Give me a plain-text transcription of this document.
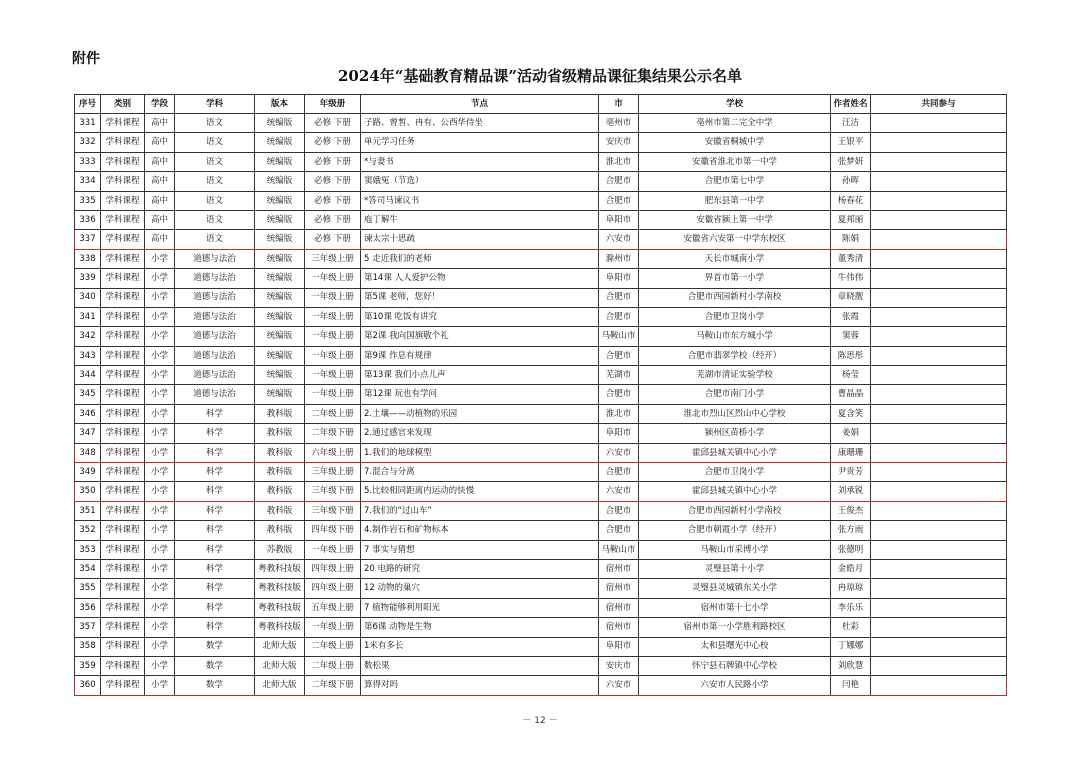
附件
2024年“基础教育精品课”活动省级精品课征集结果公示名单
序号	类别	学段	学科	版本	年级册	节点	市	学校	作者姓名	共同参与
331	学科课程	高中	语文	统编版	必修 下册	子路、曾皙、冉有、公西华侍坐	亳州市	亳州市第二完全中学	汪洁	
332	学科课程	高中	语文	统编版	必修 下册	单元学习任务	安庆市	安徽省桐城中学	王银平	
333	学科课程	高中	语文	统编版	必修 下册	*与妻书	淮北市	安徽省淮北市第一中学	张梦妍	
334	学科课程	高中	语文	统编版	必修 下册	窦娥冤（节选）	合肥市	合肥市第七中学	孙晖	
335	学科课程	高中	语文	统编版	必修 下册	*答司马谏议书	合肥市	肥东县第一中学	杨春花	
336	学科课程	高中	语文	统编版	必修 下册	庖丁解牛	阜阳市	安徽省颍上第一中学	夏邦丽	
337	学科课程	高中	语文	统编版	必修 下册	谏太宗十思疏	六安市	安徽省六安第一中学东校区	陈娟	
338	学科课程	小学	道德与法治	统编版	三年级上册	5 走近我们的老师	滁州市	天长市城南小学	董秀清	
339	学科课程	小学	道德与法治	统编版	一年级上册	第14课 人人爱护公物	阜阳市	界首市第一小学	牛伟伟	
340	学科课程	小学	道德与法治	统编版	一年级上册	第5课 老师，您好！	合肥市	合肥市西园新村小学南校	章晓靓	
341	学科课程	小学	道德与法治	统编版	一年级上册	第10课 吃饭有讲究	合肥市	合肥市卫岗小学	张霞	
342	学科课程	小学	道德与法治	统编版	一年级上册	第2课 我向国旗敬个礼	马鞍山市	马鞍山市东方城小学	窦蓉	
343	学科课程	小学	道德与法治	统编版	一年级上册	第9课 作息有规律	合肥市	合肥市翡翠学校（经开）	陈思彤	
344	学科课程	小学	道德与法治	统编版	一年级上册	第13课 我们小点儿声	芜湖市	芜湖市清证实验学校	杨莹	
345	学科课程	小学	道德与法治	统编版	一年级上册	第12课 玩也有学问	合肥市	合肥市南门小学	曹晶晶	
346	学科课程	小学	科学	教科版	二年级上册	2.土壤——动植物的乐园	淮北市	淮北市烈山区烈山中心学校	夏含笑	
347	学科课程	小学	科学	教科版	二年级下册	2.通过感官来发现	阜阳市	颍州区苗桥小学	姜娟	
348	学科课程	小学	科学	教科版	六年级上册	1.我们的地球模型	六安市	霍邱县城关镇中心小学	康珊珊	
349	学科课程	小学	科学	教科版	三年级上册	7.混合与分离	合肥市	合肥市卫岗小学	尹贵芳	
350	学科课程	小学	科学	教科版	三年级下册	5.比较相同距离内运动的快慢	六安市	霍邱县城关镇中心小学	刘承锐	
351	学科课程	小学	科学	教科版	三年级下册	7.我们的“过山车”	合肥市	合肥市西园新村小学南校	王俊杰	
352	学科课程	小学	科学	教科版	四年级下册	4.制作岩石和矿物标本	合肥市	合肥市朝霞小学（经开）	张方雨	
353	学科课程	小学	科学	苏教版	一年级上册	7 事实与猜想	马鞍山市	马鞍山市采博小学	张德明	
354	学科课程	小学	科学	粤教科技版	四年级上册	20 电路的研究	宿州市	灵璧县第十小学	金皓月	
355	学科课程	小学	科学	粤教科技版	四年级上册	12 动物的巢穴	宿州市	灵璧县灵城镇东关小学	冉琼琼	
356	学科课程	小学	科学	粤教科技版	五年级上册	7 植物能够利用阳光	宿州市	宿州市第十七小学	李乐乐	
357	学科课程	小学	科学	粤教科技版	一年级上册	第6课 动物是生物	宿州市	宿州市第一小学胜利路校区	杜彩	
358	学科课程	小学	数学	北师大版	二年级上册	1米有多长	阜阳市	太和县曙光中心校	丁娜娜	
359	学科课程	小学	数学	北师大版	二年级上册	数松果	安庆市	怀宁县石牌镇中心学校	刘欣慧	
360	学科课程	小学	数学	北师大版	二年级下册	算得对吗	六安市	六安市人民路小学	闫艳	
－ 12 －
